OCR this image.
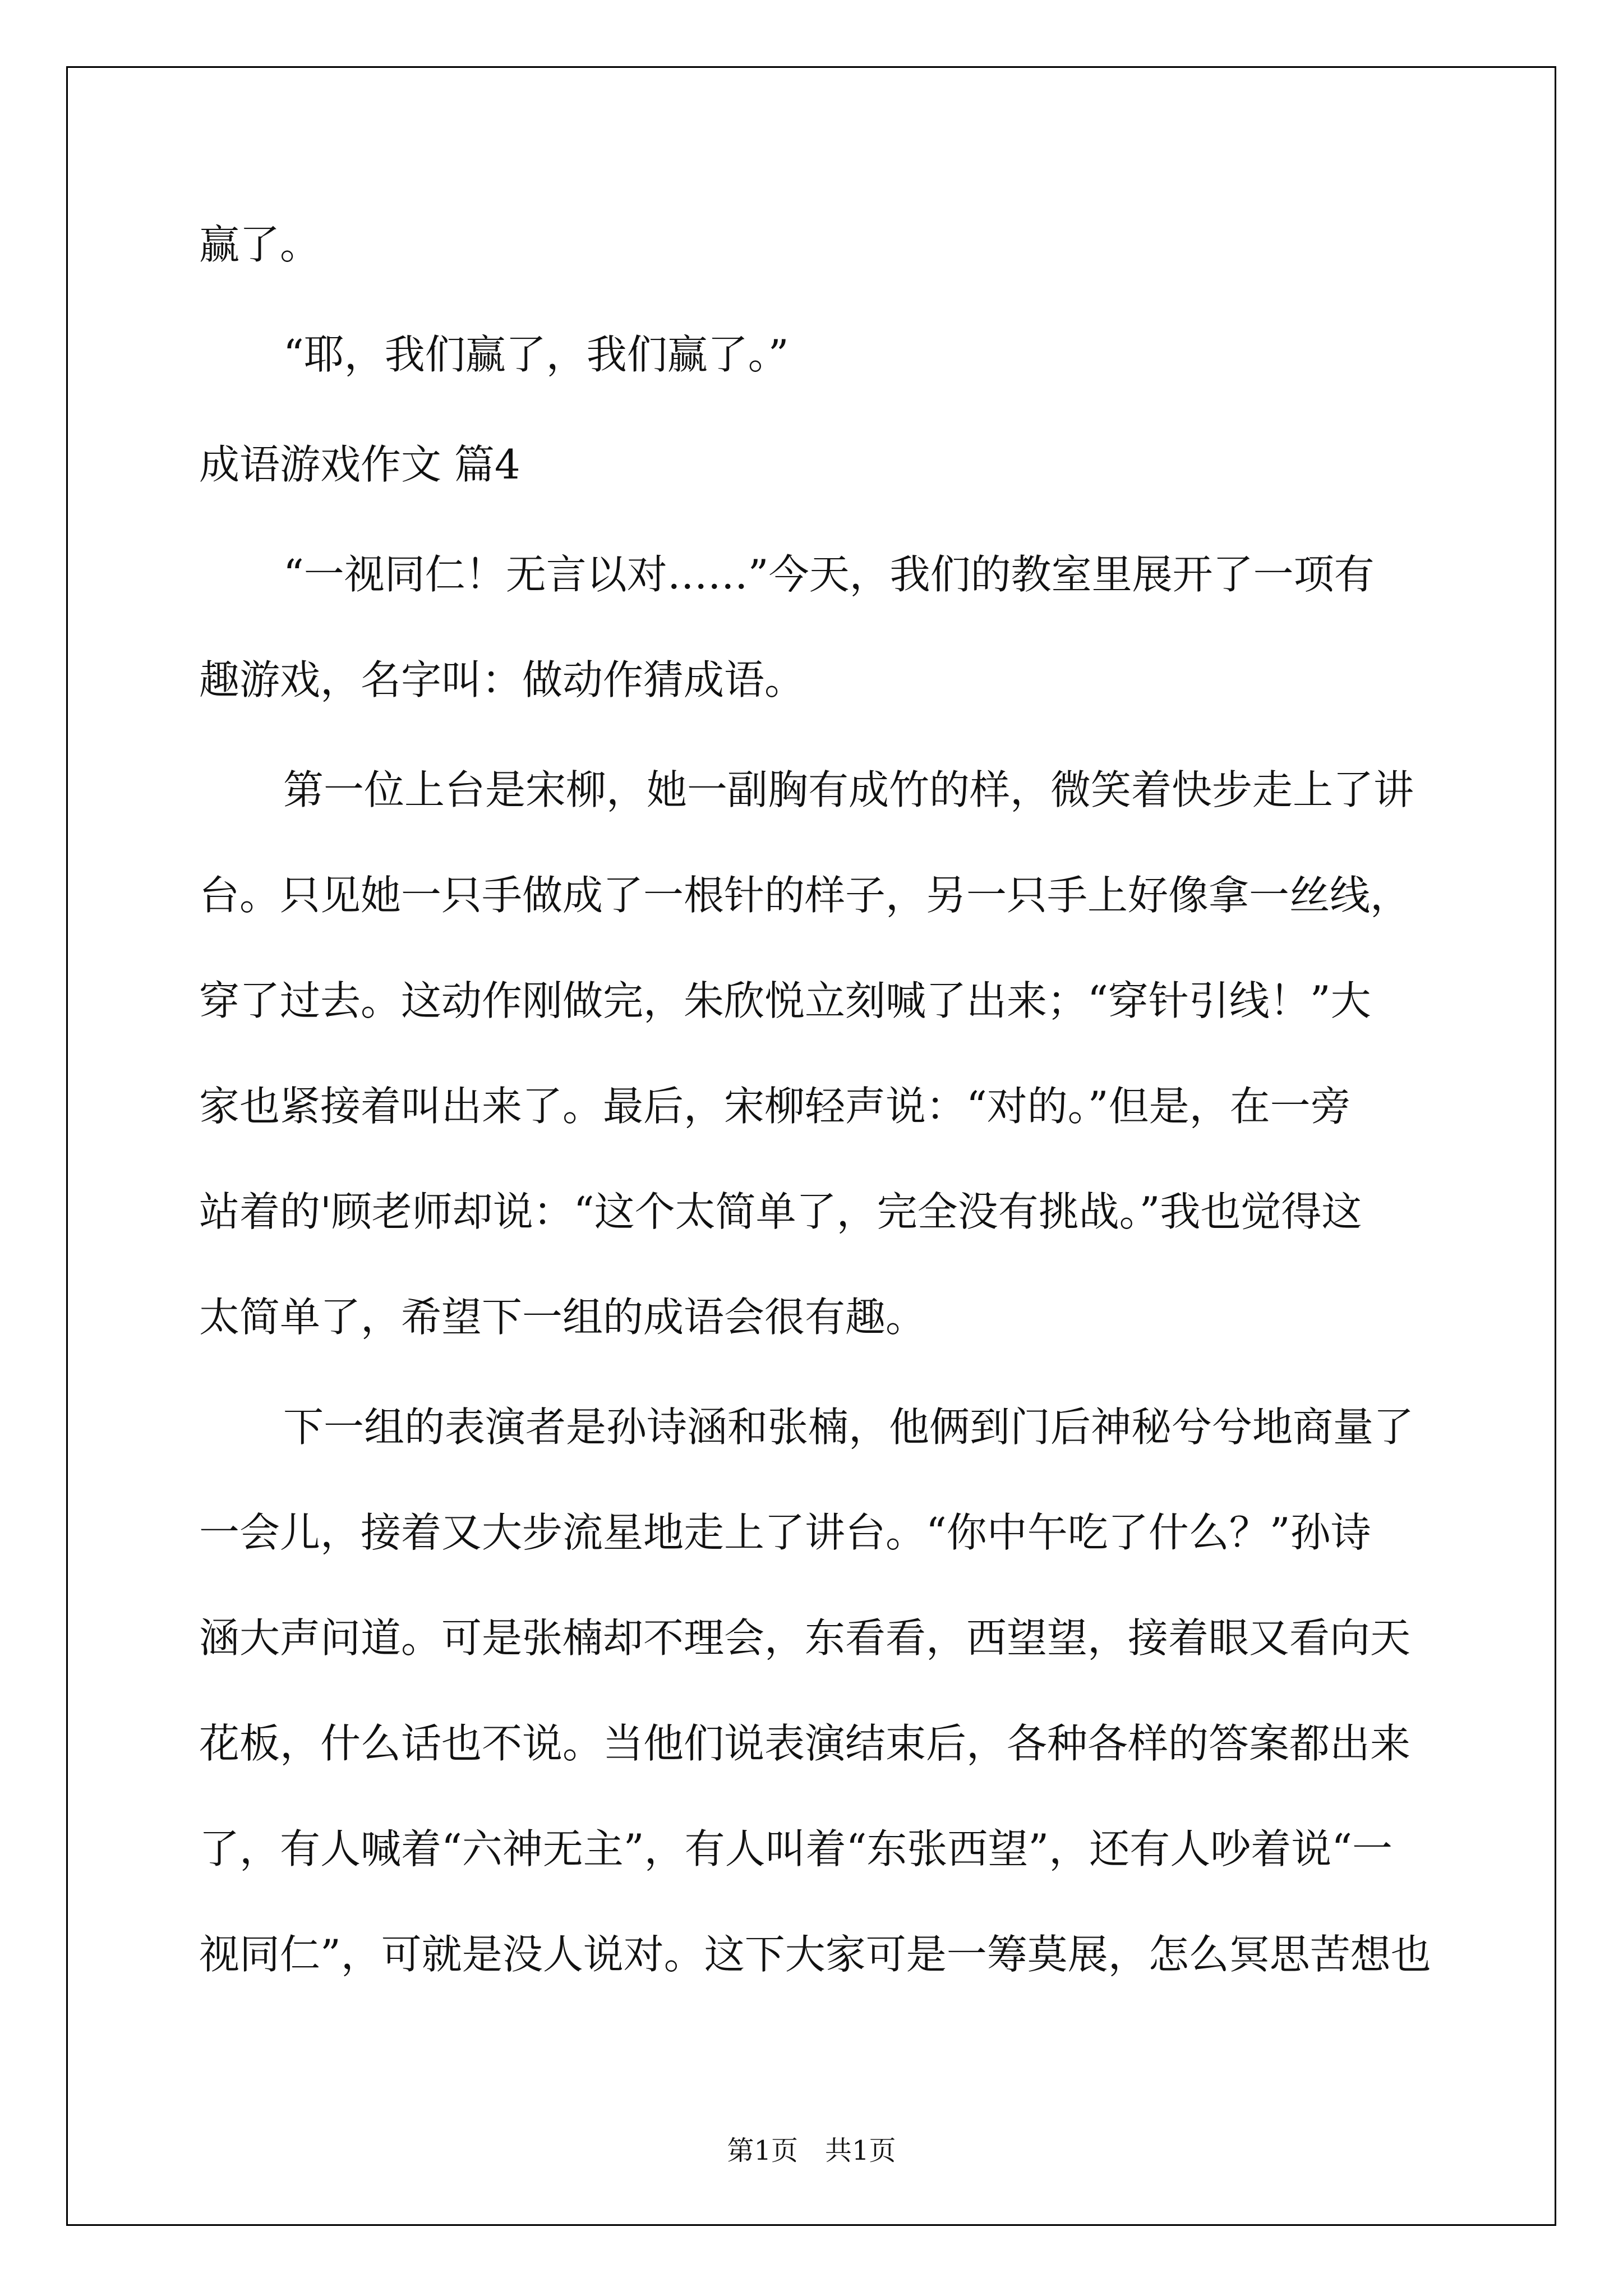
赢了。
“耶，我们赢了，我们赢了。”
成语游戏作文 篇4
“一视同仁！无言以对……”今天，我们的教室里展开了一项有
趣游戏，名字叫：做动作猜成语。
第一位上台是宋柳，她一副胸有成竹的样，微笑着快步走上了讲
台。只见她一只手做成了一根针的样子，另一只手上好像拿一丝线，
穿了过去。这动作刚做完，朱欣悦立刻喊了出来；“穿针引线！”大
家也紧接着叫出来了。最后，宋柳轻声说：“对的。”但是，在一旁
站着的'顾老师却说：“这个太简单了，完全没有挑战。”我也觉得这
太简单了，希望下一组的成语会很有趣。
下一组的表演者是孙诗涵和张楠，他俩到门后神秘兮兮地商量了
一会儿，接着又大步流星地走上了讲台。“你中午吃了什么？”孙诗
涵大声问道。可是张楠却不理会，东看看，西望望，接着眼又看向天
花板，什么话也不说。当他们说表演结束后，各种各样的答案都出来
了，有人喊着“六神无主”，有人叫着“东张西望”，还有人吵着说“一
视同仁”，可就是没人说对。这下大家可是一筹莫展，怎么冥思苦想也
第1页　共1页
